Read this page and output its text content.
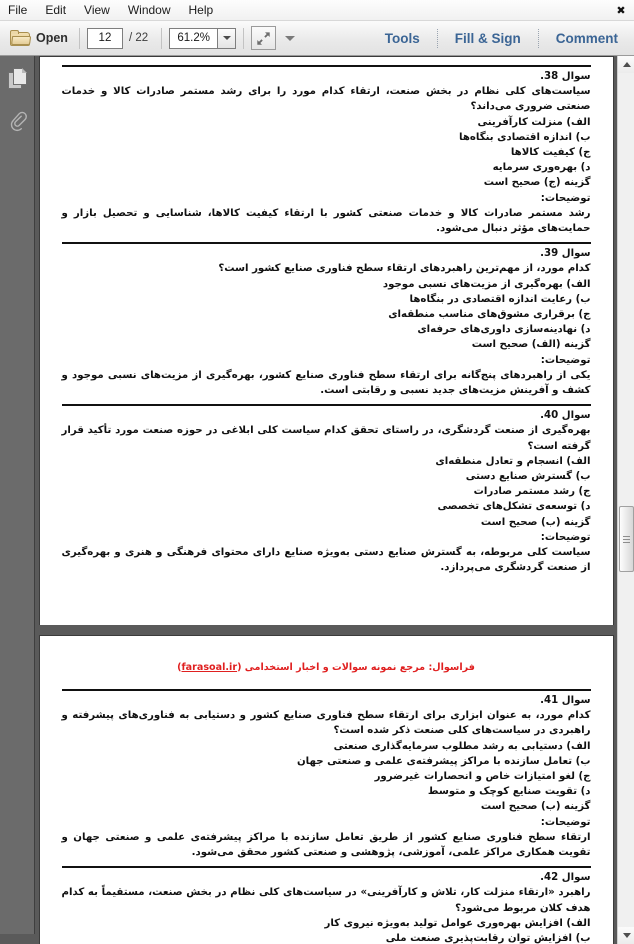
File	Edit	View	Window	Help	✖
Open	12	/ 22	61.2%	Tools	Fill & Sign	Comment
سوال 38.
سیاست‌های کلی نظام در بخش صنعت، ارتقاء کدام مورد را برای رشد مستمر صادرات کالا و خدمات صنعتی ضروری می‌داند؟
الف) منزلت کارآفرینی
ب) اندازه اقتصادی بنگاه‌ها
ج) کیفیت کالاها
د) بهره‌وری سرمایه
گزینه (ج) صحیح است
توضیحات:
رشد مستمر صادرات کالا و خدمات صنعتی کشور با ارتقاء کیفیت کالاها، شناسایی و تحصیل بازار و حمایت‌های مؤثر دنبال می‌شود.
سوال 39.
کدام مورد، از مهم‌ترین راهبردهای ارتقاء سطح فناوری صنایع کشور است؟
الف) بهره‌گیری از مزیت‌های نسبی موجود
ب) رعایت اندازه اقتصادی در بنگاه‌ها
ج) برقراری مشوق‌های مناسب منطقه‌ای
د) نهادینه‌سازی داوری‌های حرفه‌ای
گزینه (الف) صحیح است
توضیحات:
یکی از راهبردهای پنج‌گانه برای ارتقاء سطح فناوری صنایع کشور، بهره‌گیری از مزیت‌های نسبی موجود و کشف و آفرینش مزیت‌های جدید نسبی و رقابتی است.
سوال 40.
بهره‌گیری از صنعت گردشگری، در راستای تحقق کدام سیاست کلی ابلاغی در حوزه صنعت مورد تأکید قرار گرفته است؟
الف) انسجام و تعادل منطقه‌ای
ب) گسترش صنایع دستی
ج) رشد مستمر صادرات
د) توسعه‌ی تشکل‌های تخصصی
گزینه (ب) صحیح است
توضیحات:
سیاست کلی مربوطه، به گسترش صنایع دستی به‌ویژه صنایع دارای محتوای فرهنگی و هنری و بهره‌گیری از صنعت گردشگری می‌پردازد.
فراسوال: مرجع نمونه سوالات و اخبار استخدامی (farasoal.ir)
سوال 41.
کدام مورد، به عنوان ابزاری برای ارتقاء سطح فناوری صنایع کشور و دستیابی به فناوری‌های پیشرفته و راهبردی در سیاست‌های کلی صنعت ذکر شده است؟
الف) دستیابی به رشد مطلوب سرمایه‌گذاری صنعتی
ب) تعامل سازنده با مراکز پیشرفته‌ی علمی و صنعتی جهان
ج) لغو امتیازات خاص و انحصارات غیرضرور
د) تقویت صنایع کوچک و متوسط
گزینه (ب) صحیح است
توضیحات:
ارتقاء سطح فناوری صنایع کشور از طریق تعامل سازنده با مراکز پیشرفته‌ی علمی و صنعتی جهان و تقویت همکاری مراکز علمی، آموزشی، پژوهشی و صنعتی کشور محقق می‌شود.
سوال 42.
راهبرد «ارتقاء منزلت کار، تلاش و کارآفرینی» در سیاست‌های کلی نظام در بخش صنعت، مستقیماً به کدام هدف کلان مربوط می‌شود؟
الف) افزایش بهره‌وری عوامل تولید به‌ویژه نیروی کار
ب) افزایش توان رقابت‌پذیری صنعت ملی
